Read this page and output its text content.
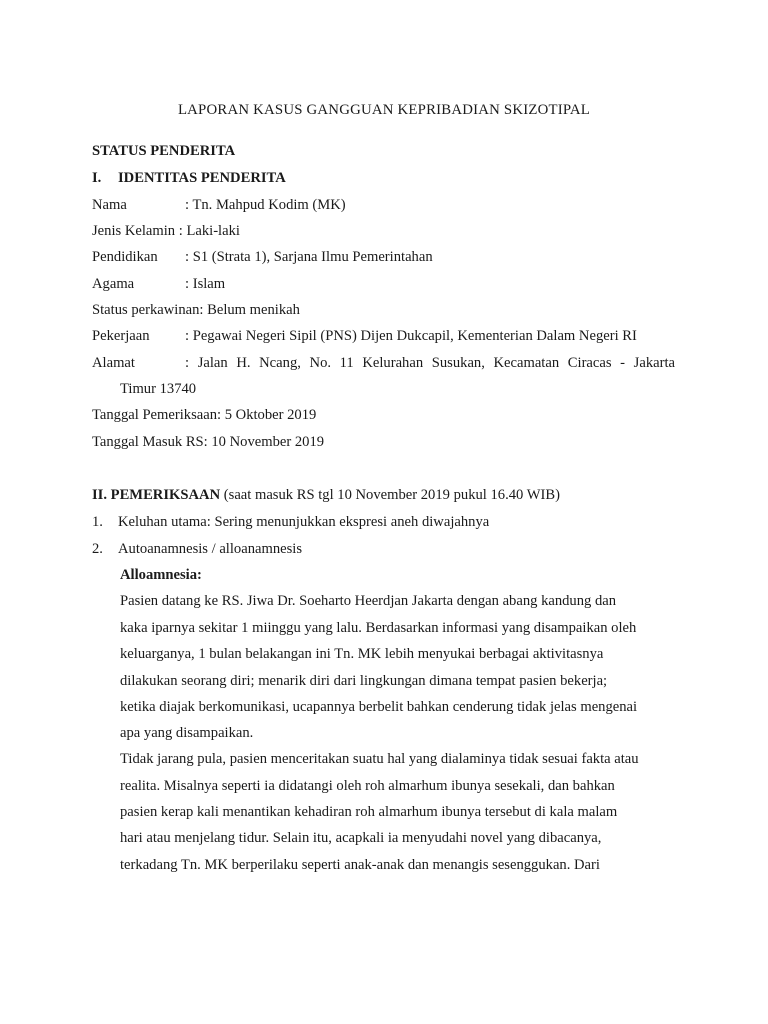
LAPORAN KASUS GANGGUAN KEPRIBADIAN SKIZOTIPAL
STATUS PENDERITA
I. IDENTITAS PENDERITA
Nama	: Tn. Mahpud Kodim (MK)
Jenis Kelamin : Laki-laki
Pendidikan : S1 (Strata 1), Sarjana Ilmu Pemerintahan
Agama	: Islam
Status perkawinan: Belum menikah
Pekerjaan : Pegawai Negeri Sipil (PNS) Dijen Dukcapil, Kementerian Dalam Negeri RI
Alamat	: Jalan H. Ncang, No. 11 Kelurahan Susukan, Kecamatan Ciracas - Jakarta
Timur 13740
Tanggal Pemeriksaan: 5 Oktober 2019
Tanggal Masuk RS: 10 November 2019
II. PEMERIKSAAN (saat masuk RS tgl 10 November 2019 pukul 16.40 WIB)
1. Keluhan utama: Sering menunjukkan ekspresi aneh diwajahnya
2. Autoanamnesis / alloanamnesis
Alloamnesia:
Pasien datang ke RS. Jiwa Dr. Soeharto Heerdjan Jakarta dengan abang kandung dan
kaka iparnya sekitar 1 miinggu yang lalu. Berdasarkan informasi yang disampaikan oleh
keluarganya, 1 bulan belakangan ini Tn. MK lebih menyukai berbagai aktivitasnya
dilakukan seorang diri; menarik diri dari lingkungan dimana tempat pasien bekerja;
ketika diajak berkomunikasi, ucapannya berbelit bahkan cenderung tidak jelas mengenai
apa yang disampaikan.
Tidak jarang pula, pasien menceritakan suatu hal yang dialaminya tidak sesuai fakta atau
realita. Misalnya seperti ia didatangi oleh roh almarhum ibunya sesekali, dan bahkan
pasien kerap kali menantikan kehadiran roh almarhum ibunya tersebut di kala malam
hari atau menjelang tidur. Selain itu, acapkali ia menyudahi novel yang dibacanya,
terkadang Tn. MK berperilaku seperti anak-anak dan menangis sesenggukan. Dari
